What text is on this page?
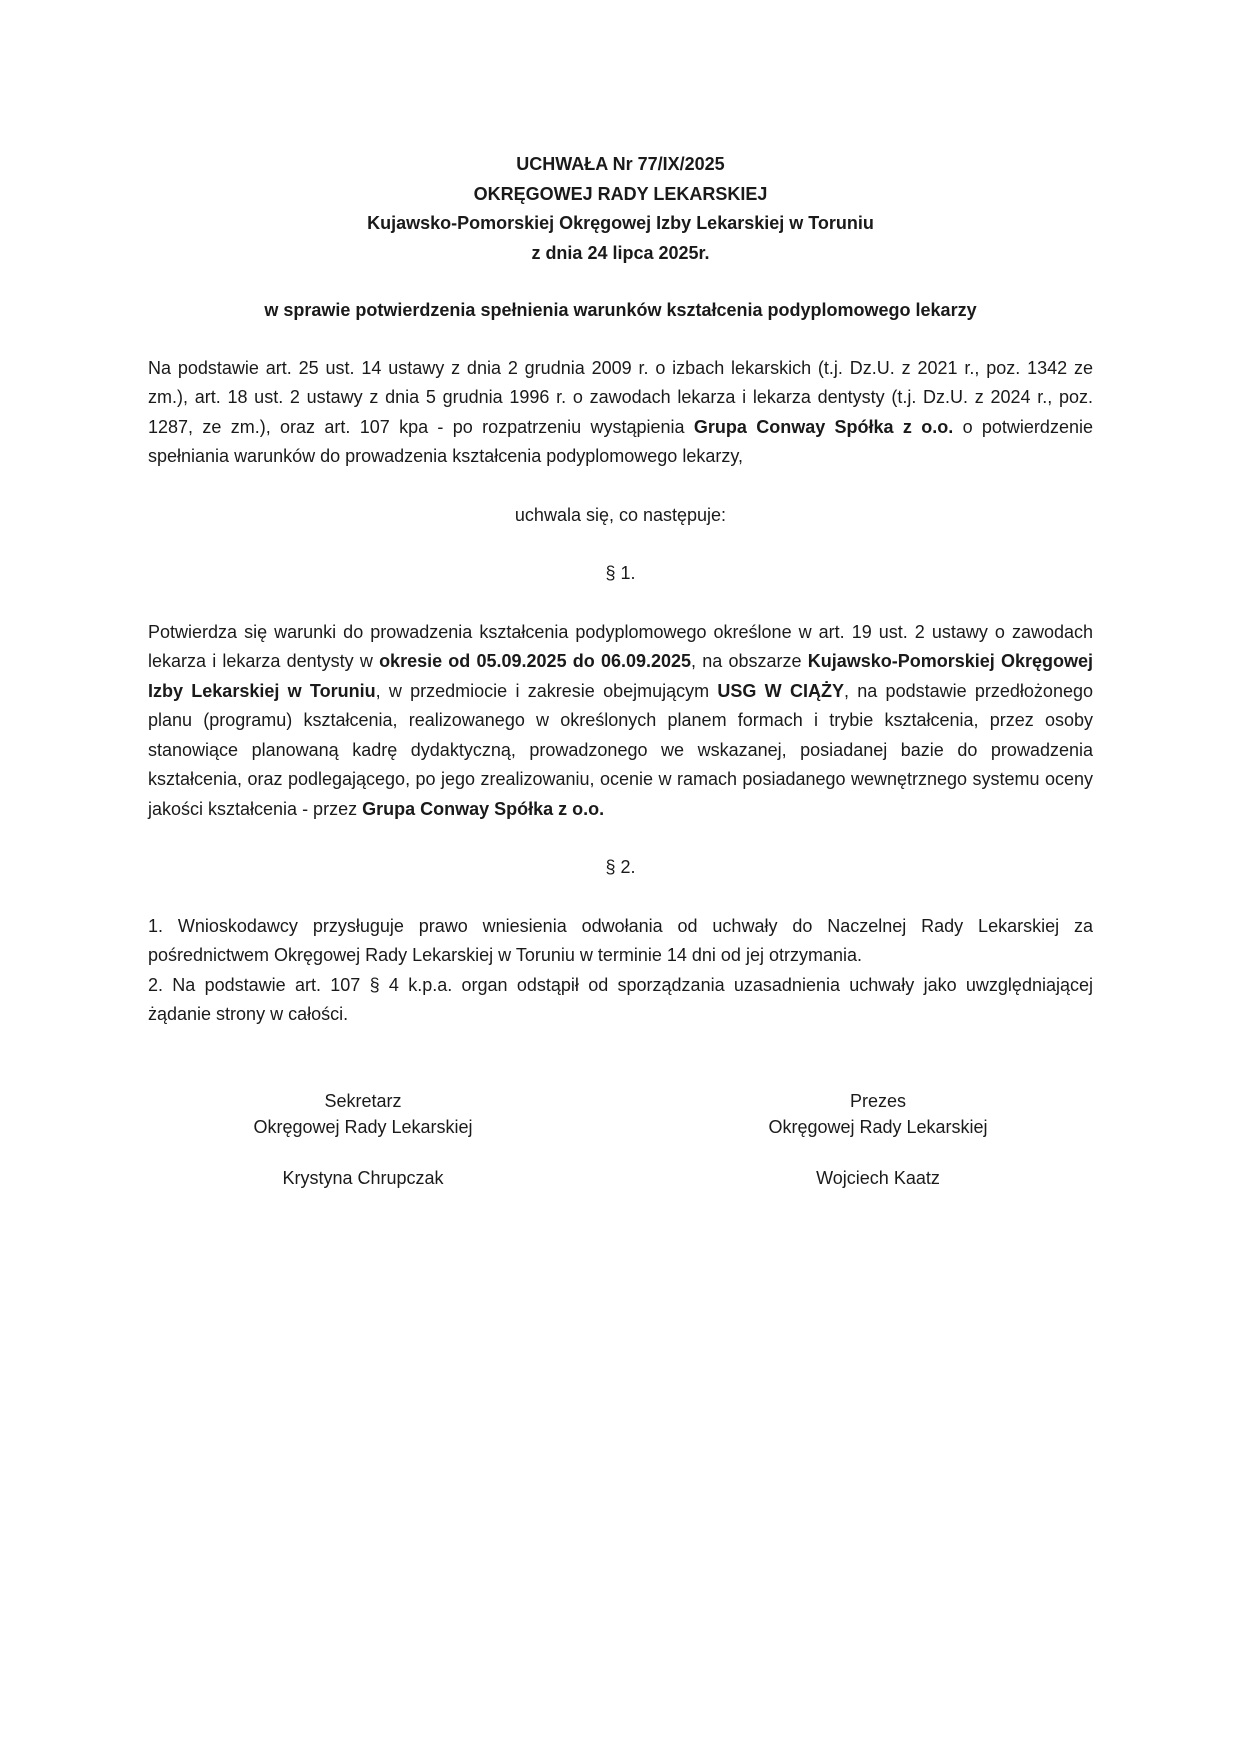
UCHWAŁA Nr 77/IX/2025
OKRĘGOWEJ RADY LEKARSKIEJ
Kujawsko-Pomorskiej Okręgowej Izby Lekarskiej w Toruniu
z dnia 24 lipca 2025r.
w sprawie potwierdzenia spełnienia warunków kształcenia podyplomowego lekarzy
Na podstawie art. 25 ust. 14 ustawy z dnia 2 grudnia 2009 r. o izbach lekarskich (t.j. Dz.U. z 2021 r., poz. 1342 ze zm.), art. 18 ust. 2 ustawy z dnia 5 grudnia 1996 r. o zawodach lekarza i lekarza dentysty (t.j. Dz.U. z 2024 r., poz. 1287, ze zm.), oraz art. 107 kpa - po rozpatrzeniu wystąpienia Grupa Conway Spółka z o.o. o potwierdzenie spełniania warunków do prowadzenia kształcenia podyplomowego lekarzy,
uchwala się, co następuje:
§ 1.
Potwierdza się warunki do prowadzenia kształcenia podyplomowego określone w art. 19 ust. 2 ustawy o zawodach lekarza i lekarza dentysty w okresie od 05.09.2025 do 06.09.2025, na obszarze Kujawsko-Pomorskiej Okręgowej Izby Lekarskiej w Toruniu, w przedmiocie i zakresie obejmującym USG W CIĄŻY, na podstawie przedłożonego planu (programu) kształcenia, realizowanego w określonych planem formach i trybie kształcenia, przez osoby stanowiące planowaną kadrę dydaktyczną, prowadzonego we wskazanej, posiadanej bazie do prowadzenia kształcenia, oraz podlegającego, po jego zrealizowaniu, ocenie w ramach posiadanego wewnętrznego systemu oceny jakości kształcenia - przez Grupa Conway Spółka z o.o.
§ 2.
1. Wnioskodawcy przysługuje prawo wniesienia odwołania od uchwały do Naczelnej Rady Lekarskiej za pośrednictwem Okręgowej Rady Lekarskiej w Toruniu w terminie 14 dni od jej otrzymania.
2. Na podstawie art. 107 § 4 k.p.a. organ odstąpił od sporządzania uzasadnienia uchwały jako uwzględniającej żądanie strony w całości.
Sekretarz
Okręgowej Rady Lekarskiej
Krystyna Chrupczak
Prezes
Okręgowej Rady Lekarskiej
Wojciech Kaatz
